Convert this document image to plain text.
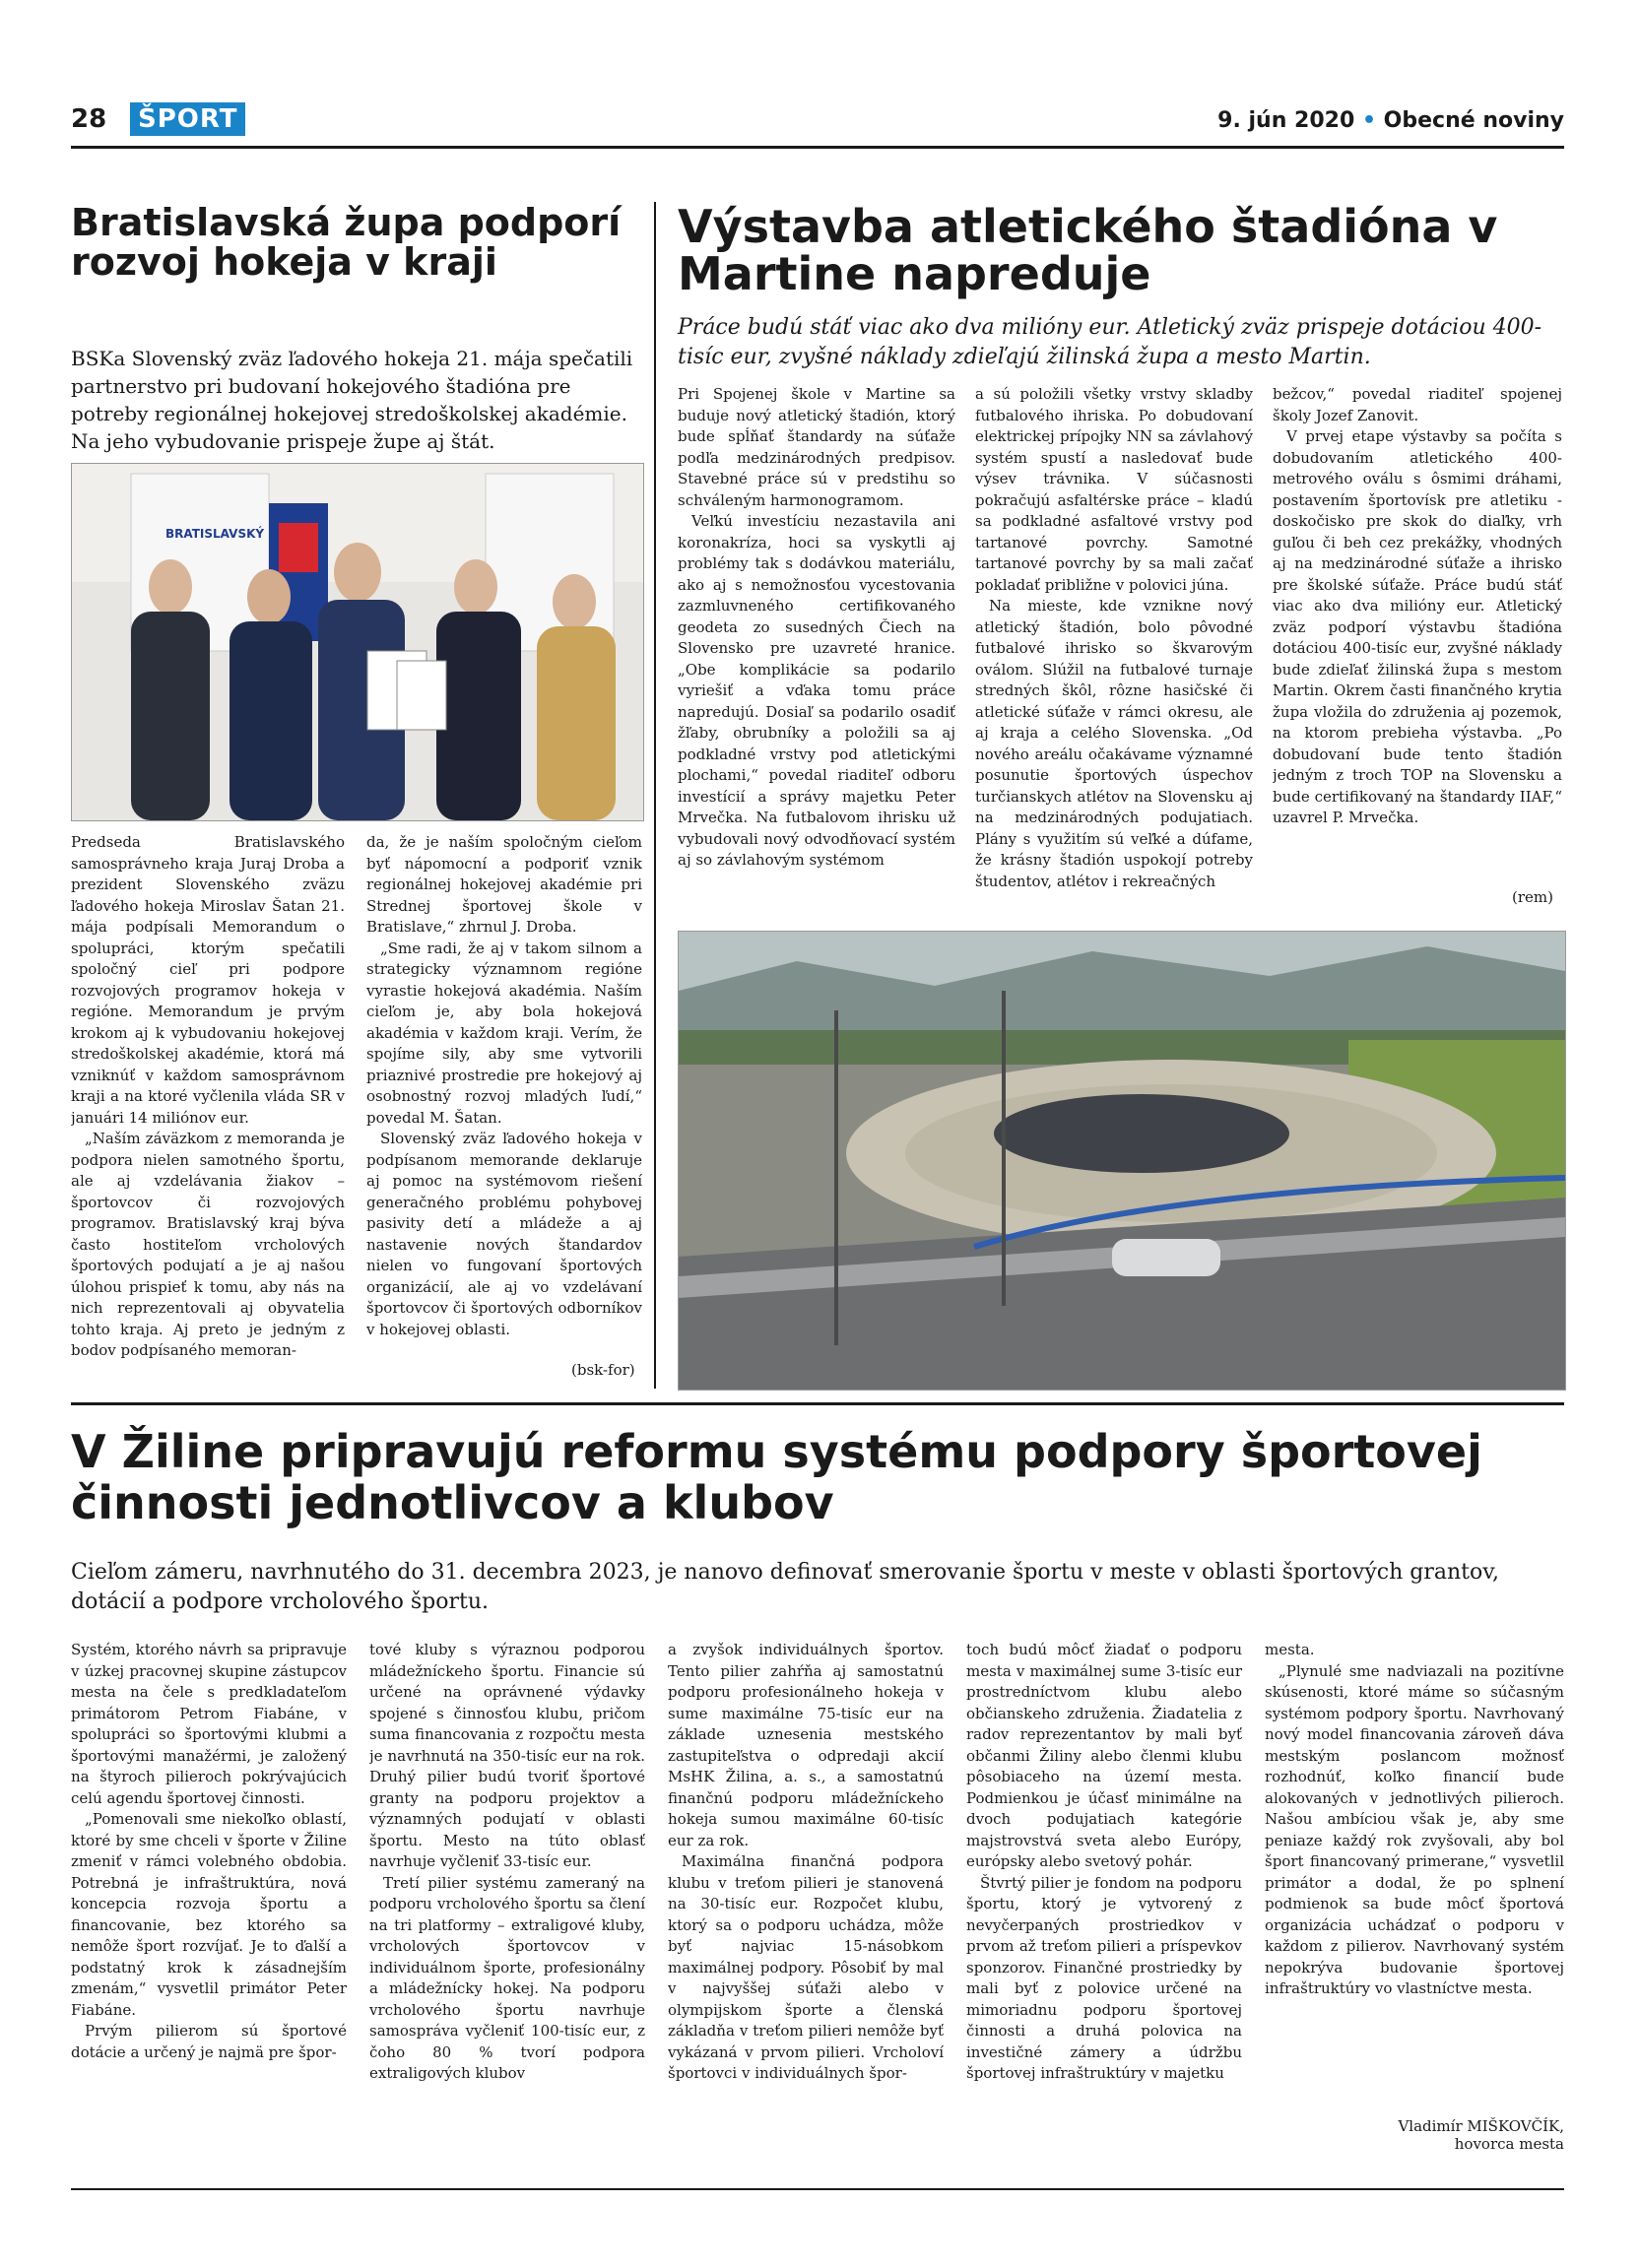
28	ŠPORT	9. jún 2020 • Obecné noviny
Bratislavská župa podporí rozvoj hokeja v kraji

BSKa Slovenský zväz ľadového hokeja 21. mája spečatili partnerstvo pri budovaní hokejového štadióna pre potreby regionálnej hokejovej stredoškolskej akadémie. Na jeho vybudovanie prispeje župe aj štát.

BRATISLAVSKÝ

Predseda Bratislavského samosprávneho kraja Juraj Droba a prezident Slovenského zväzu ľadového hokeja Miroslav Šatan 21. mája podpísali Memorandum o spolupráci, ktorým spečatili spoločný cieľ pri podpore rozvojových programov hokeja v regióne. Memorandum je prvým krokom aj k vybudovaniu hokejovej stredoškolskej akadémie, ktorá má vzniknúť v každom samosprávnom kraji a na ktoré vyčlenila vláda SR v januári 14 miliónov eur.

„Naším záväzkom z memoranda je podpora nielen samotného športu, ale aj vzdelávania žiakov – športovcov či rozvojových programov. Bratislavský kraj býva často hostiteľom vrcholových športových podujatí a je aj našou úlohou prispieť k tomu, aby nás na nich reprezentovali aj obyvatelia tohto kraja. Aj preto je jedným z bodov podpísaného memoran-

da, že je naším spoločným cieľom byť nápomocní a podporiť vznik regionálnej hokejovej akadémie pri Strednej športovej škole v Bratislave,“ zhrnul J. Droba.

„Sme radi, že aj v takom silnom a strategicky významnom regióne vyrastie hokejová akadémia. Naším cieľom je, aby bola hokejová akadémia v každom kraji. Verím, že spojíme sily, aby sme vytvorili priaznivé prostredie pre hokejový aj osobnostný rozvoj mladých ľudí,“ povedal M. Šatan.

Slovenský zväz ľadového hokeja v podpísanom memorande deklaruje aj pomoc na systémovom riešení generačného problému pohybovej pasivity detí a mládeže a aj nastavenie nových štandardov nielen vo fungovaní športových organizácií, ale aj vo vzdelávaní športovcov či športových odborníkov v hokejovej oblasti.

(bsk-for)
Výstavba atletického štadióna v Martine napreduje

Práce budú stáť viac ako dva milióny eur. Atletický zväz prispeje dotáciou 400-tisíc eur, zvyšné náklady zdieľajú žilinská župa a mesto Martin.

Pri Spojenej škole v Martine sa buduje nový atletický štadión, ktorý bude spĺňať štandardy na súťaže podľa medzinárodných predpisov. Stavebné práce sú v predstihu so schváleným harmonogramom.

Veľkú investíciu nezastavila ani koronakríza, hoci sa vyskytli aj problémy tak s dodávkou materiálu, ako aj s nemožnosťou vycestovania zazmluvneného certifikovaného geodeta zo susedných Čiech na Slovensko pre uzavreté hranice. „Obe komplikácie sa podarilo vyriešiť a vďaka tomu práce napredujú. Dosiaľ sa podarilo osadiť žľaby, obrubníky a položili sa aj podkladné vrstvy pod atletickými plochami,“ povedal riaditeľ odboru investícií a správy majetku Peter Mrvečka. Na futbalovom ihrisku už vybudovali nový odvodňovací systém aj so závlahovým systémom

a sú položili všetky vrstvy skladby futbalového ihriska. Po dobudovaní elektrickej prípojky NN sa závlahový systém spustí a nasledovať bude výsev trávnika. V súčasnosti pokračujú asfaltérske práce – kladú sa podkladné asfaltové vrstvy pod tartanové povrchy. Samotné tartanové povrchy by sa mali začať pokladať približne v polovici júna.

Na mieste, kde vznikne nový atletický štadión, bolo pôvodné futbalové ihrisko so škvarovým oválom. Slúžil na futbalové turnaje stredných škôl, rôzne hasičské či atletické súťaže v rámci okresu, ale aj kraja a celého Slovenska. „Od nového areálu očakávame významné posunutie športových úspechov turčianskych atlétov na Slovensku aj na medzinárodných podujatiach. Plány s využitím sú veľké a dúfame, že krásny štadión uspokojí potreby študentov, atlétov i rekreačných

bežcov,“ povedal riaditeľ spojenej školy Jozef Zanovit.

V prvej etape výstavby sa počíta s dobudovaním atletického 400-metrového oválu s ôsmimi dráhami, postavením športovísk pre atletiku - doskočisko pre skok do diaľky, vrh guľou či beh cez prekážky, vhodných aj na medzinárodné súťaže a ihrisko pre školské súťaže. Práce budú stáť viac ako dva milióny eur. Atletický zväz podporí výstavbu štadióna dotáciou 400-tisíc eur, zvyšné náklady bude zdieľať žilinská župa s mestom Martin. Okrem časti finančného krytia župa vložila do združenia aj pozemok, na ktorom prebieha výstavba. „Po dobudovaní bude tento štadión jedným z troch TOP na Slovensku a bude certifikovaný na štandardy IIAF,“ uzavrel P. Mrvečka.

(rem)
V Žiline pripravujú reformu systému podpory športovej činnosti jednotlivcov a klubov

Cieľom zámeru, navrhnutého do 31. decembra 2023, je nanovo definovať smerovanie športu v meste v oblasti športových grantov, dotácií a podpore vrcholového športu.

Systém, ktorého návrh sa pripravuje v úzkej pracovnej skupine zástupcov mesta na čele s predkladateľom primátorom Petrom Fiabáne, v spolupráci so športovými klubmi a športovými manažérmi, je založený na štyroch pilieroch pokrývajúcich celú agendu športovej činnosti.

„Pomenovali sme niekoľko oblastí, ktoré by sme chceli v športe v Žiline zmeniť v rámci volebného obdobia. Potrebná je infraštruktúra, nová koncepcia rozvoja športu a financovanie, bez ktorého sa nemôže šport rozvíjať. Je to ďalší a podstatný krok k zásadnejším zmenám,“ vysvetlil primátor Peter Fiabáne.

Prvým pilierom sú športové dotácie a určený je najmä pre špor-

tové kluby s výraznou podporou mládežníckeho športu. Financie sú určené na oprávnené výdavky spojené s činnosťou klubu, pričom suma financovania z rozpočtu mesta je navrhnutá na 350-tisíc eur na rok. Druhý pilier budú tvoriť športové granty na podporu projektov a významných podujatí v oblasti športu. Mesto na túto oblasť navrhuje vyčleniť 33-tisíc eur.

Tretí pilier systému zameraný na podporu vrcholového športu sa člení na tri platformy – extraligové kluby, vrcholových športovcov v individuálnom športe, profesionálny a mládežnícky hokej. Na podporu vrcholového športu navrhuje samospráva vyčleniť 100-tisíc eur, z čoho 80 % tvorí podpora extraligových klubov

a zvyšok individuálnych športov. Tento pilier zahŕňa aj samostatnú podporu profesionálneho hokeja v sume maximálne 75-tisíc eur na základe uznesenia mestského zastupiteľstva o odpredaji akcií MsHK Žilina, a. s., a samostatnú finančnú podporu mládežníckeho hokeja sumou maximálne 60-tisíc eur za rok.

Maximálna finančná podpora klubu v treťom pilieri je stanovená na 30-tisíc eur. Rozpočet klubu, ktorý sa o podporu uchádza, môže byť najviac 15-násobkom maximálnej podpory. Pôsobiť by mal v najvyššej súťaži alebo v olympijskom športe a členská základňa v treťom pilieri nemôže byť vykázaná v prvom pilieri. Vrcholoví športovci v individuálnych špor-

toch budú môcť žiadať o podporu mesta v maximálnej sume 3-tisíc eur prostredníctvom klubu alebo občianskeho združenia. Žiadatelia z radov reprezentantov by mali byť občanmi Žiliny alebo členmi klubu pôsobiaceho na území mesta. Podmienkou je účasť minimálne na dvoch podujatiach kategórie majstrovstvá sveta alebo Európy, európsky alebo svetový pohár.

Štvrtý pilier je fondom na podporu športu, ktorý je vytvorený z nevyčerpaných prostriedkov v prvom až treťom pilieri a príspevkov sponzorov. Finančné prostriedky by mali byť z polovice určené na mimoriadnu podporu športovej činnosti a druhá polovica na investičné zámery a údržbu športovej infraštruktúry v majetku

mesta.

„Plynulé sme nadviazali na pozitívne skúsenosti, ktoré máme so súčasným systémom podpory športu. Navrhovaný nový model financovania zároveň dáva mestským poslancom možnosť rozhodnúť, koľko financií bude alokovaných v jednotlivých pilieroch. Našou ambíciou však je, aby sme peniaze každý rok zvyšovali, aby bol šport financovaný primerane,“ vysvetlil primátor a dodal, že po splnení podmienok sa bude môcť športová organizácia uchádzať o podporu v každom z pilierov. Navrhovaný systém nepokrýva budovanie športovej infraštruktúry vo vlastníctve mesta.

Vladimír MIŠKOVČÍK,
hovorca mesta
